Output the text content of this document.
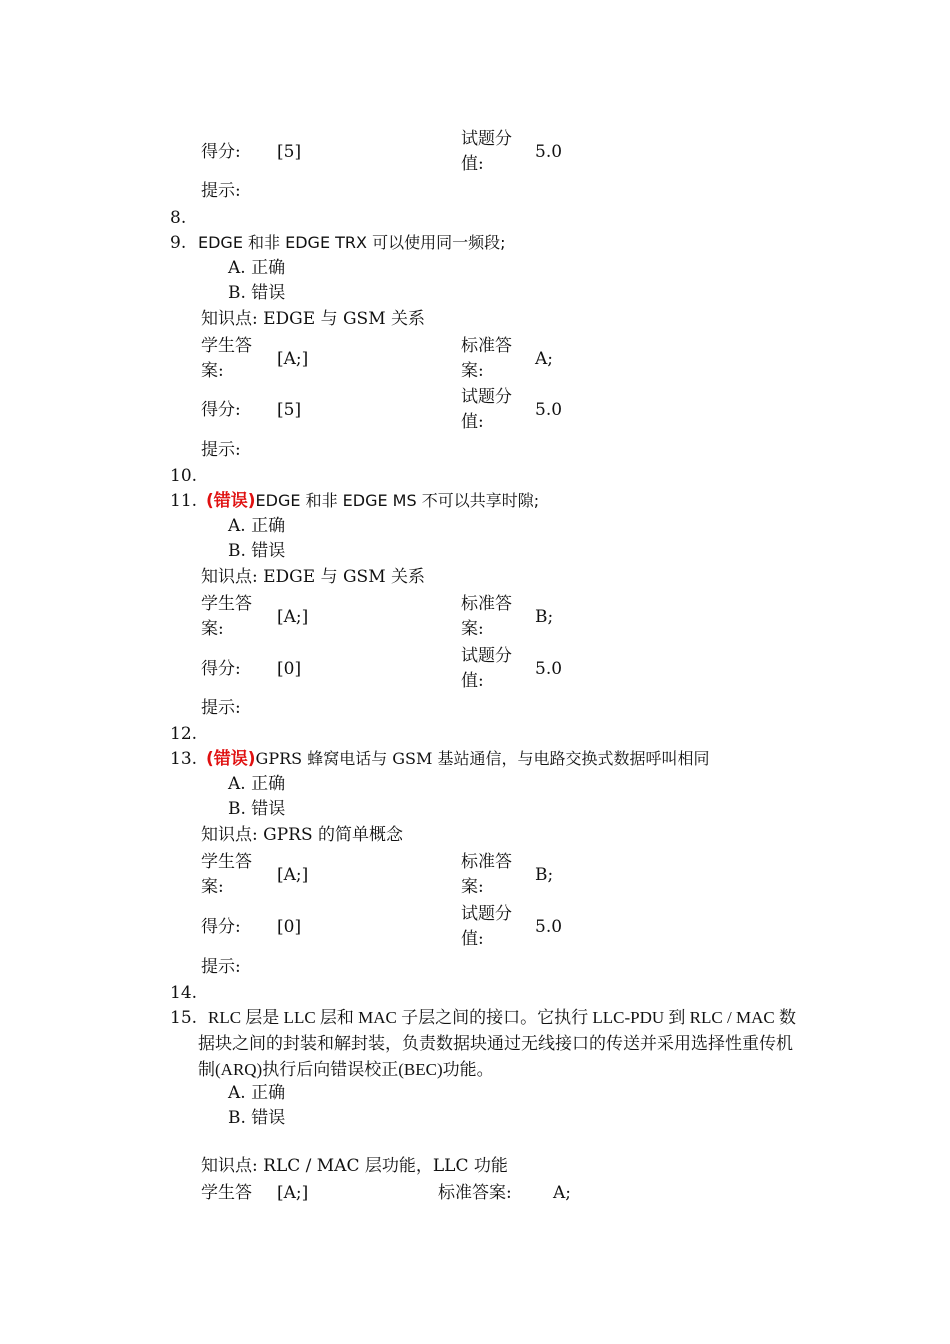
得分: [5]
试题分
值:
5.0
提示:
8.
9. EDGE 和非 EDGE TRX 可以使用同一频段;
A. 正确
B. 错误
知识点: EDGE 与 GSM 关系
学生答
案:
[A;]
标准答
案:
A;
得分: [5]
试题分
值:
5.0
提示:
10.
11. (错误)EDGE 和非 EDGE MS 不可以共享时隙;
A. 正确
B. 错误
知识点: EDGE 与 GSM 关系
学生答
案:
[A;]
标准答
案:
B;
得分: [0]
试题分
值:
5.0
提示:
12.
13. (错误)GPRS 蜂窝电话与 GSM 基站通信，与电路交换式数据呼叫相同
A. 正确
B. 错误
知识点: GPRS 的简单概念
学生答
案:
[A;]
标准答
案:
B;
得分: [0]
试题分
值:
5.0
提示:
14.
15. RLC 层是 LLC 层和 MAC 子层之间的接口。它执行 LLC-PDU 到 RLC / MAC 数据块之间的封装和解封装，负责数据块通过无线接口的传送并采用选择性重传机制(ARQ)执行后向错误校正(BEC)功能。
A. 正确
B. 错误
知识点: RLC / MAC 层功能，LLC 功能
学生答 [A;]	标准答案: A;
